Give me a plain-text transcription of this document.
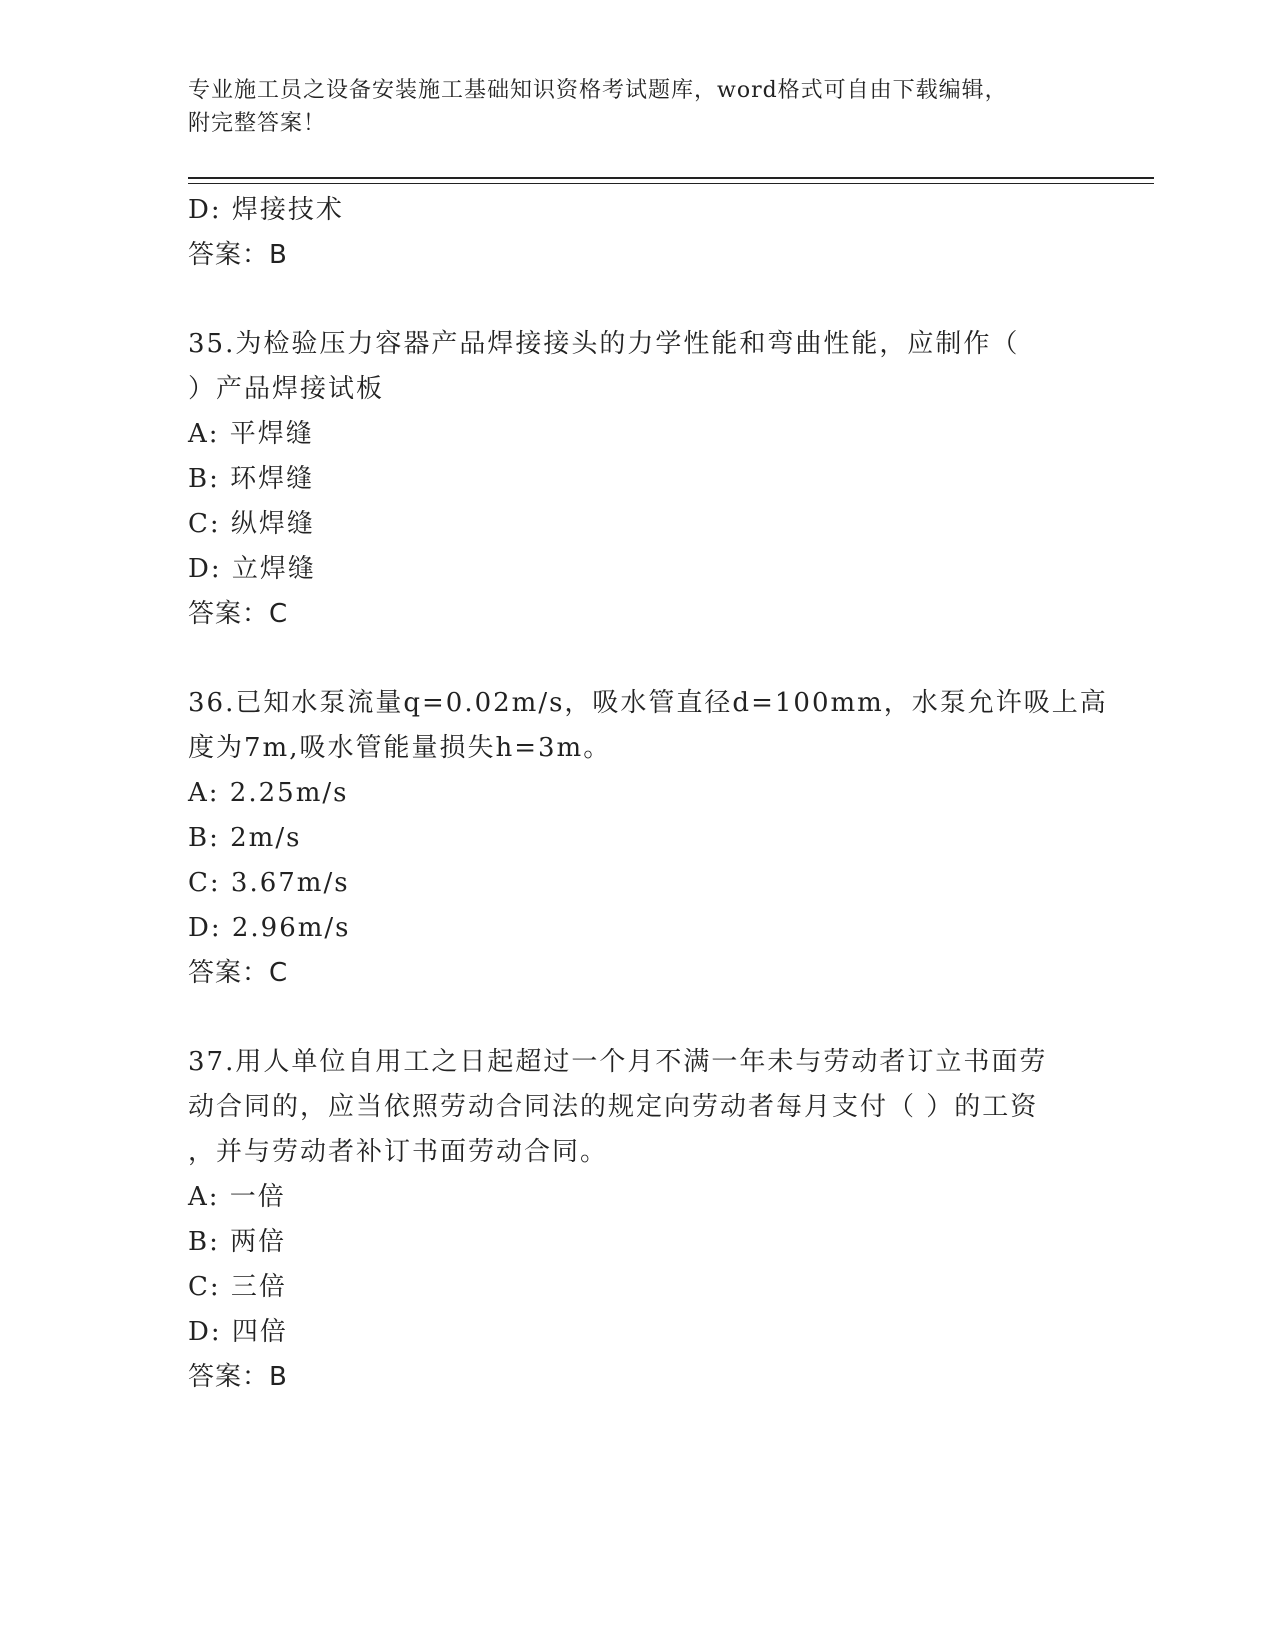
专业施工员之设备安装施工基础知识资格考试题库，word格式可自由下载编辑，
附完整答案！
D: 焊接技术
答案：B
35.为检验压力容器产品焊接接头的力学性能和弯曲性能，应制作（
）产品焊接试板
A: 平焊缝
B: 环焊缝
C: 纵焊缝
D: 立焊缝
答案：C
36.已知水泵流量q=0.02m/s，吸水管直径d=100mm，水泵允许吸上高
度为7m,吸水管能量损失h=3m。
A: 2.25m/s
B: 2m/s
C: 3.67m/s
D: 2.96m/s
答案：C
37.用人单位自用工之日起超过一个月不满一年未与劳动者订立书面劳
动合同的，应当依照劳动合同法的规定向劳动者每月支付（ ）的工资
，并与劳动者补订书面劳动合同。
A: 一倍
B: 两倍
C: 三倍
D: 四倍
答案：B
